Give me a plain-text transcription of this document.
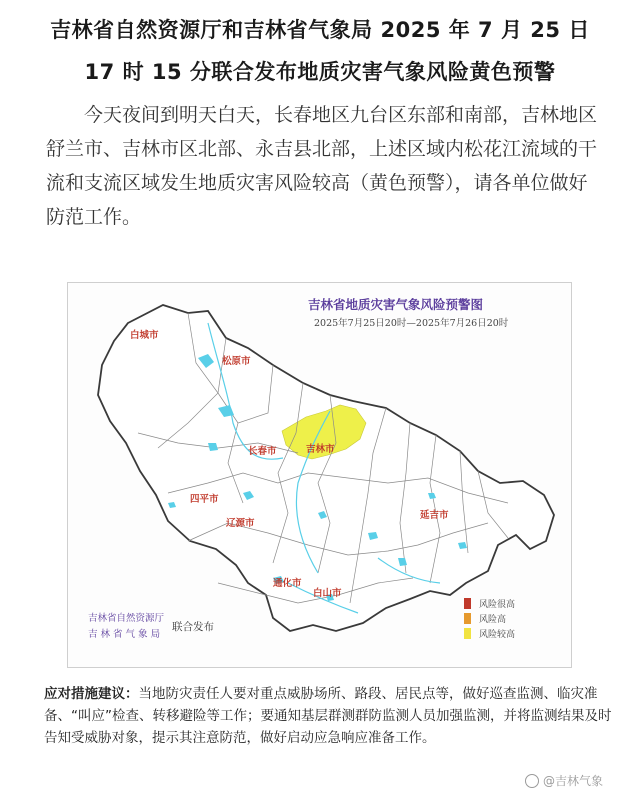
吉林省自然资源厅和吉林省气象局 2025 年 7 月 25 日
17 时 15 分联合发布地质灾害气象风险黄色预警
今天夜间到明天白天，长春地区九台区东部和南部，吉林地区舒兰市、吉林市区北部、永吉县北部，上述区域内松花江流域的干流和支流区域发生地质灾害风险较高（黄色预警），请各单位做好防范工作。
吉林省地质灾害气象风险预警图
2025年7月25日20时—2025年7月26日20时
白城市
松原市
长春市	吉林市
四平市
辽源市
通化市
白山市
延吉市
吉林省自然资源厅
吉 林 省 气 象 局
联合发布
风险很高
风险高
风险较高
应对措施建议：当地防灾责任人要对重点威胁场所、路段、居民点等，做好巡查监测、临灾准备、“叫应”检查、转移避险等工作；要通知基层群测群防监测人员加强监测，并将监测结果及时告知受威胁对象，提示其注意防范，做好启动应急响应准备工作。
@吉林气象
